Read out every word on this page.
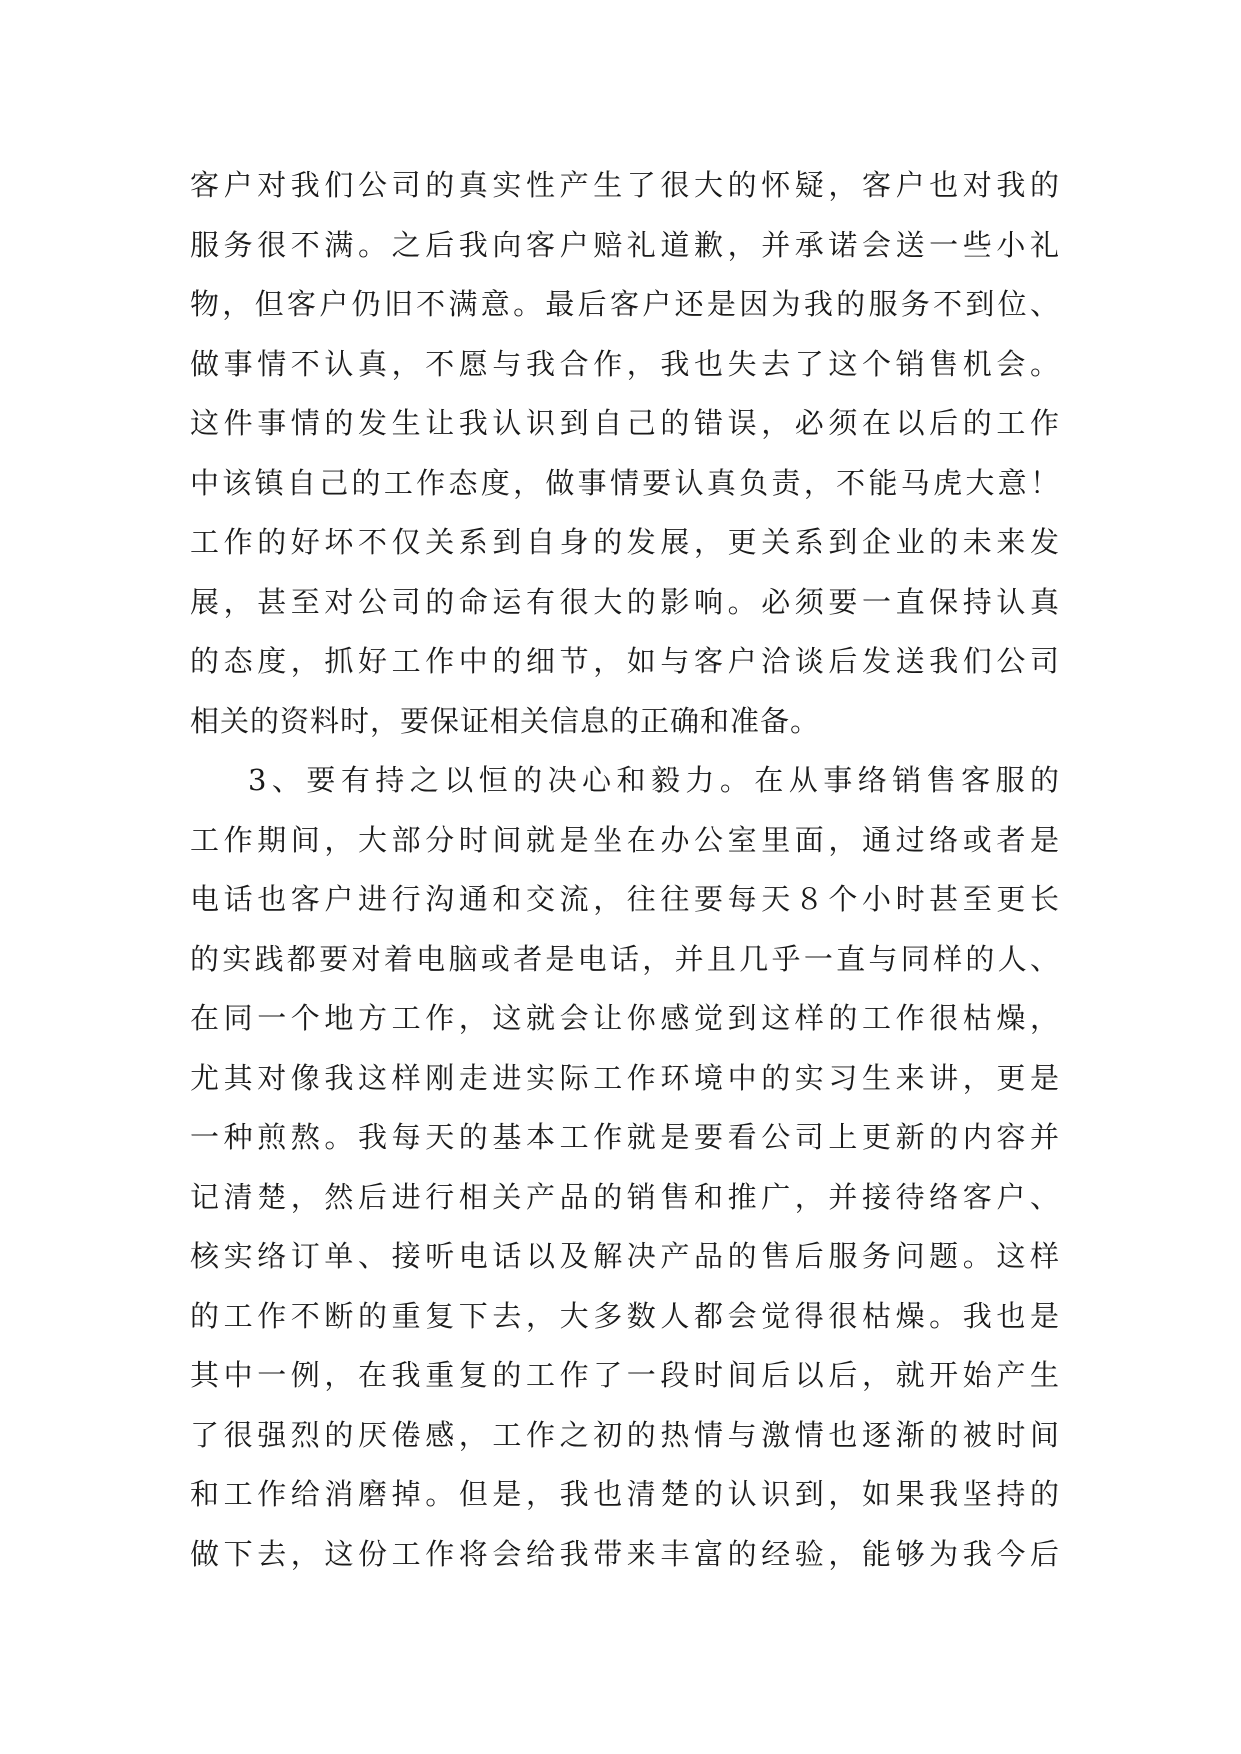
客户对我们公司的真实性产生了很大的怀疑，客户也对我的
服务很不满。之后我向客户赔礼道歉，并承诺会送一些小礼
物，但客户仍旧不满意。最后客户还是因为我的服务不到位、
做事情不认真，不愿与我合作，我也失去了这个销售机会。
这件事情的发生让我认识到自己的错误，必须在以后的工作
中该镇自己的工作态度，做事情要认真负责，不能马虎大意！
工作的好坏不仅关系到自身的发展，更关系到企业的未来发
展，甚至对公司的命运有很大的影响。必须要一直保持认真
的态度，抓好工作中的细节，如与客户洽谈后发送我们公司
相关的资料时，要保证相关信息的正确和准备。
3、要有持之以恒的决心和毅力。在从事络销售客服的
工作期间，大部分时间就是坐在办公室里面，通过络或者是
电话也客户进行沟通和交流，往往要每天８个小时甚至更长
的实践都要对着电脑或者是电话，并且几乎一直与同样的人、
在同一个地方工作，这就会让你感觉到这样的工作很枯燥，
尤其对像我这样刚走进实际工作环境中的实习生来讲，更是
一种煎熬。我每天的基本工作就是要看公司上更新的内容并
记清楚，然后进行相关产品的销售和推广，并接待络客户、
核实络订单、接听电话以及解决产品的售后服务问题。这样
的工作不断的重复下去，大多数人都会觉得很枯燥。我也是
其中一例，在我重复的工作了一段时间后以后，就开始产生
了很强烈的厌倦感，工作之初的热情与激情也逐渐的被时间
和工作给消磨掉。但是，我也清楚的认识到，如果我坚持的
做下去，这份工作将会给我带来丰富的经验，能够为我今后
